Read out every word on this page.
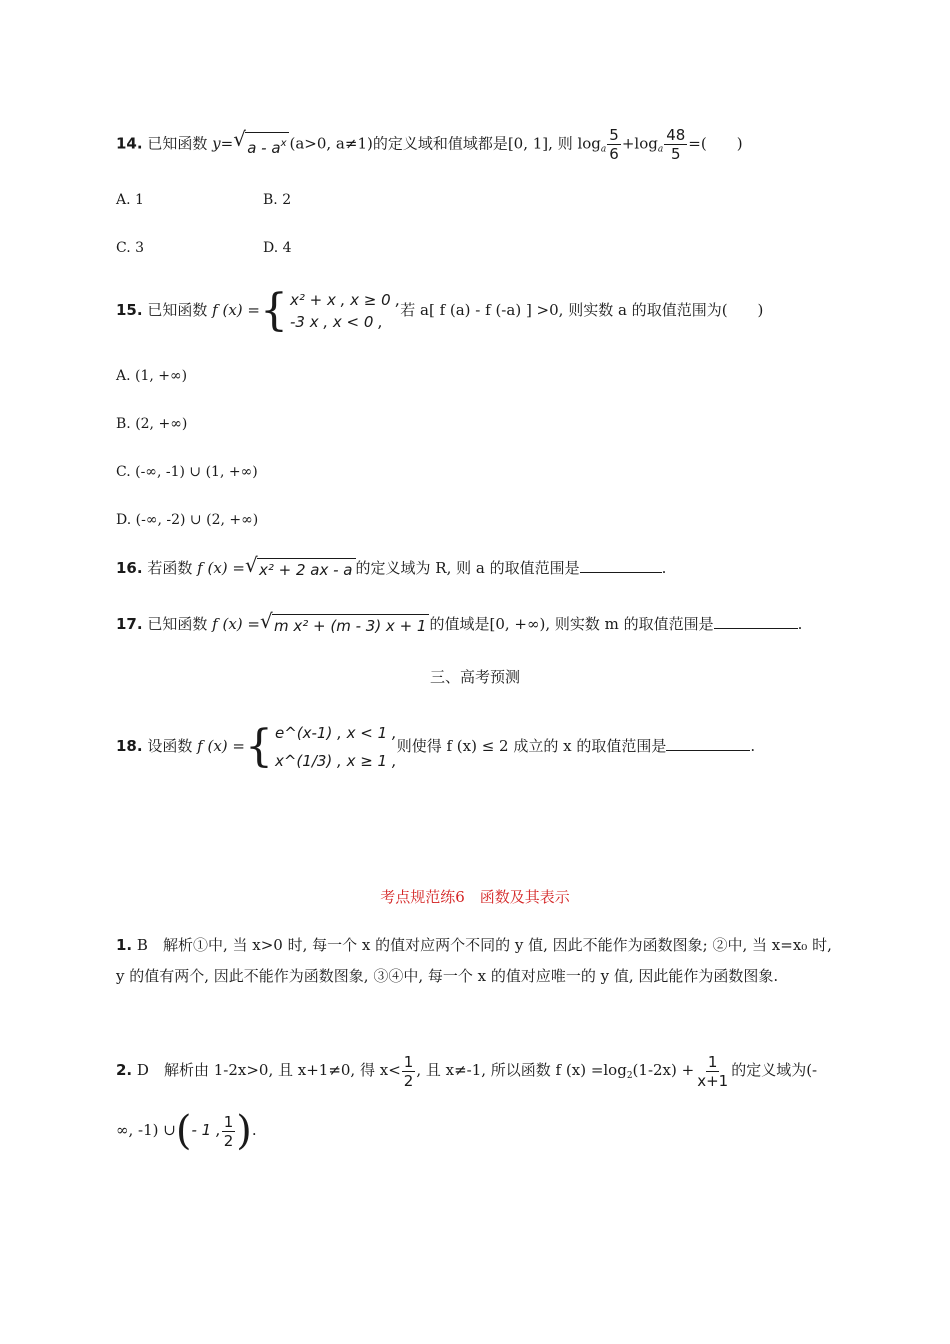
14. 已知函数 y= √ a - $a^x$ (a>0, a≠1)的定义域和值域都是[0, 1], 则 $\log_a \frac{5}{6} +\log_a \frac{48}{5}$ =(　　)
A. 1	B. 2
C. 3	D. 4
15. 已知函数 f (x) ={ x² + x , x ≥ 0 ,
-3 x , x < 0 ,若 a[ f (a) - f (-a) ] >0, 则实数 a 的取值范围为(　　)
A. (1, +∞)
B. (2, +∞)
C. (-∞, -1) ∪ (1, +∞)
D. (-∞, -2) ∪ (2, +∞)
16. 若函数 f (x) = √ x² + 2 ax - a 的定义域为 R, 则 a 的取值范围是	.
17. 已知函数 f (x) = √ m x² + (m - 3) x + 1 的值域是[0, +∞), 则实数 m 的取值范围是	.
三、高考预测
18. 设函数 f (x) ={ e^(x-1) , x < 1 ,
x^(1/3) , x ≥ 1 ,则使得 f (x) ≤ 2 成立的 x 的取值范围是	.
考点规范练6　函数及其表示
1. B　解析①中, 当 x>0 时, 每一个 x 的值对应两个不同的 y 值, 因此不能作为函数图象; ②中, 当 x=x₀ 时, y 的值有两个, 因此不能作为函数图象, ③④中, 每一个 x 的值对应唯一的 y 值, 因此能作为函数图象.
2. D　解析由 1-2x>0, 且 x+1≠0, 得 $x< \frac{1}{2}$ , 且 x≠-1, 所以函数 f $(x) =\log_2(1-2x) + \frac{1}{x+1}$ 的定义域为(-
∞, -1) ∪(- 1 , $\frac{1}{2}$ ).
